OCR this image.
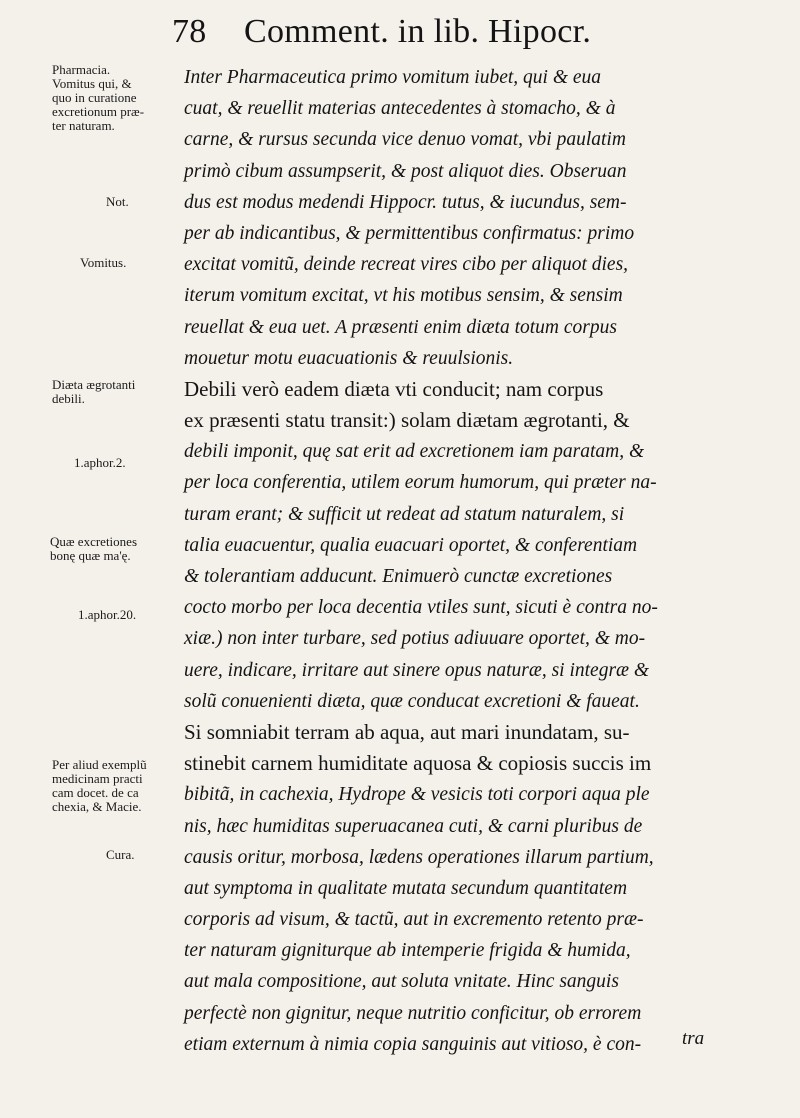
78 Comment. in lib. Hipocr.
Pharmacia.
Vomitus qui, &
quo in curatione
excretionum præ-
ter naturam.
Not.
Vomitus.
Diæta ægrotanti
debili.
1.aphor.2.
Quæ excretiones
bonę quæ ma'ę.
1.aphor.20.
Per aliud exemplũ
medicinam practi
cam docet. de ca
chexia, & Macie.
Cura.
Inter Pharmaceutica primo vomitum iubet, qui & eua
cuat, & reuellit materias antecedentes à stomacho, & à
carne, & rursus secunda vice denuo vomat, vbi paulatim
primò cibum assumpserit, & post aliquot dies. Obseruan
dus est modus medendi Hippocr. tutus, & iucundus, sem-
per ab indicantibus, & permittentibus confirmatus: primo
excitat vomitũ, deinde recreat vires cibo per aliquot dies,
iterum vomitum excitat, vt his motibus sensim, & sensim
reuellat & eua uet. A præsenti enim diæta totum corpus
mouetur motu euacuationis & reuulsionis.
Debili verò eadem diæta vti conducit; nam corpus
ex præsenti statu transit:) solam diætam ægrotanti, &
debili imponit, quę sat erit ad excretionem iam paratam, &
per loca conferentia, utilem eorum humorum, qui præter na-
turam erant; & sufficit ut redeat ad statum naturalem, si
talia euacuentur, qualia euacuari oportet, & conferentiam
& tolerantiam adducunt. Enimuerò cunctæ excretiones
cocto morbo per loca decentia vtiles sunt, sicuti è contra no-
xiæ.) non inter turbare, sed potius adiuuare oportet, & mo-
uere, indicare, irritare aut sinere opus naturæ, si integræ &
solũ conuenienti diæta, quæ conducat excretioni & faueat.
Si somniabit terram ab aqua, aut mari inundatam, su-
stinebit carnem humiditate aquosa & copiosis succis im
bibitã, in cachexia, Hydrope & vesicis toti corpori aqua ple
nis, hæc humiditas superuacanea cuti, & carni pluribus de
causis oritur, morbosa, lædens operationes illarum partium,
aut symptoma in qualitate mutata secundum quantitatem
corporis ad visum, & tactũ, aut in excremento retento præ-
ter naturam gigniturque ab intemperie frigida & humida,
aut mala compositione, aut soluta vnitate. Hinc sanguis
perfectè non gignitur, neque nutritio conficitur, ob errorem
etiam externum à nimia copia sanguinis aut vitioso, è con-	tra
